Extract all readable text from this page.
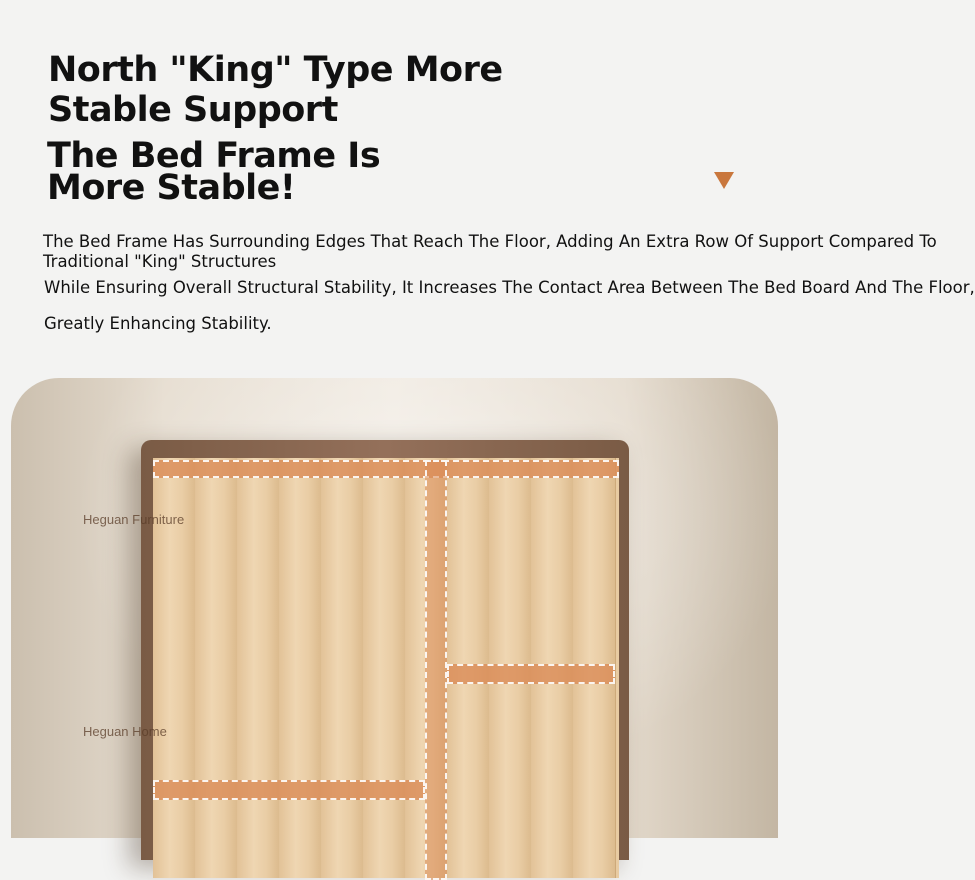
North "King" Type More Stable Support
The Bed Frame Is More Stable!
The Bed Frame Has Surrounding Edges That Reach The Floor, Adding An Extra Row Of Support Compared To
Traditional "King" Structures
While Ensuring Overall Structural Stability, It Increases The Contact Area Between The Bed Board And The Floor,
Greatly Enhancing Stability.
Heguan Furniture
Heguan Home
